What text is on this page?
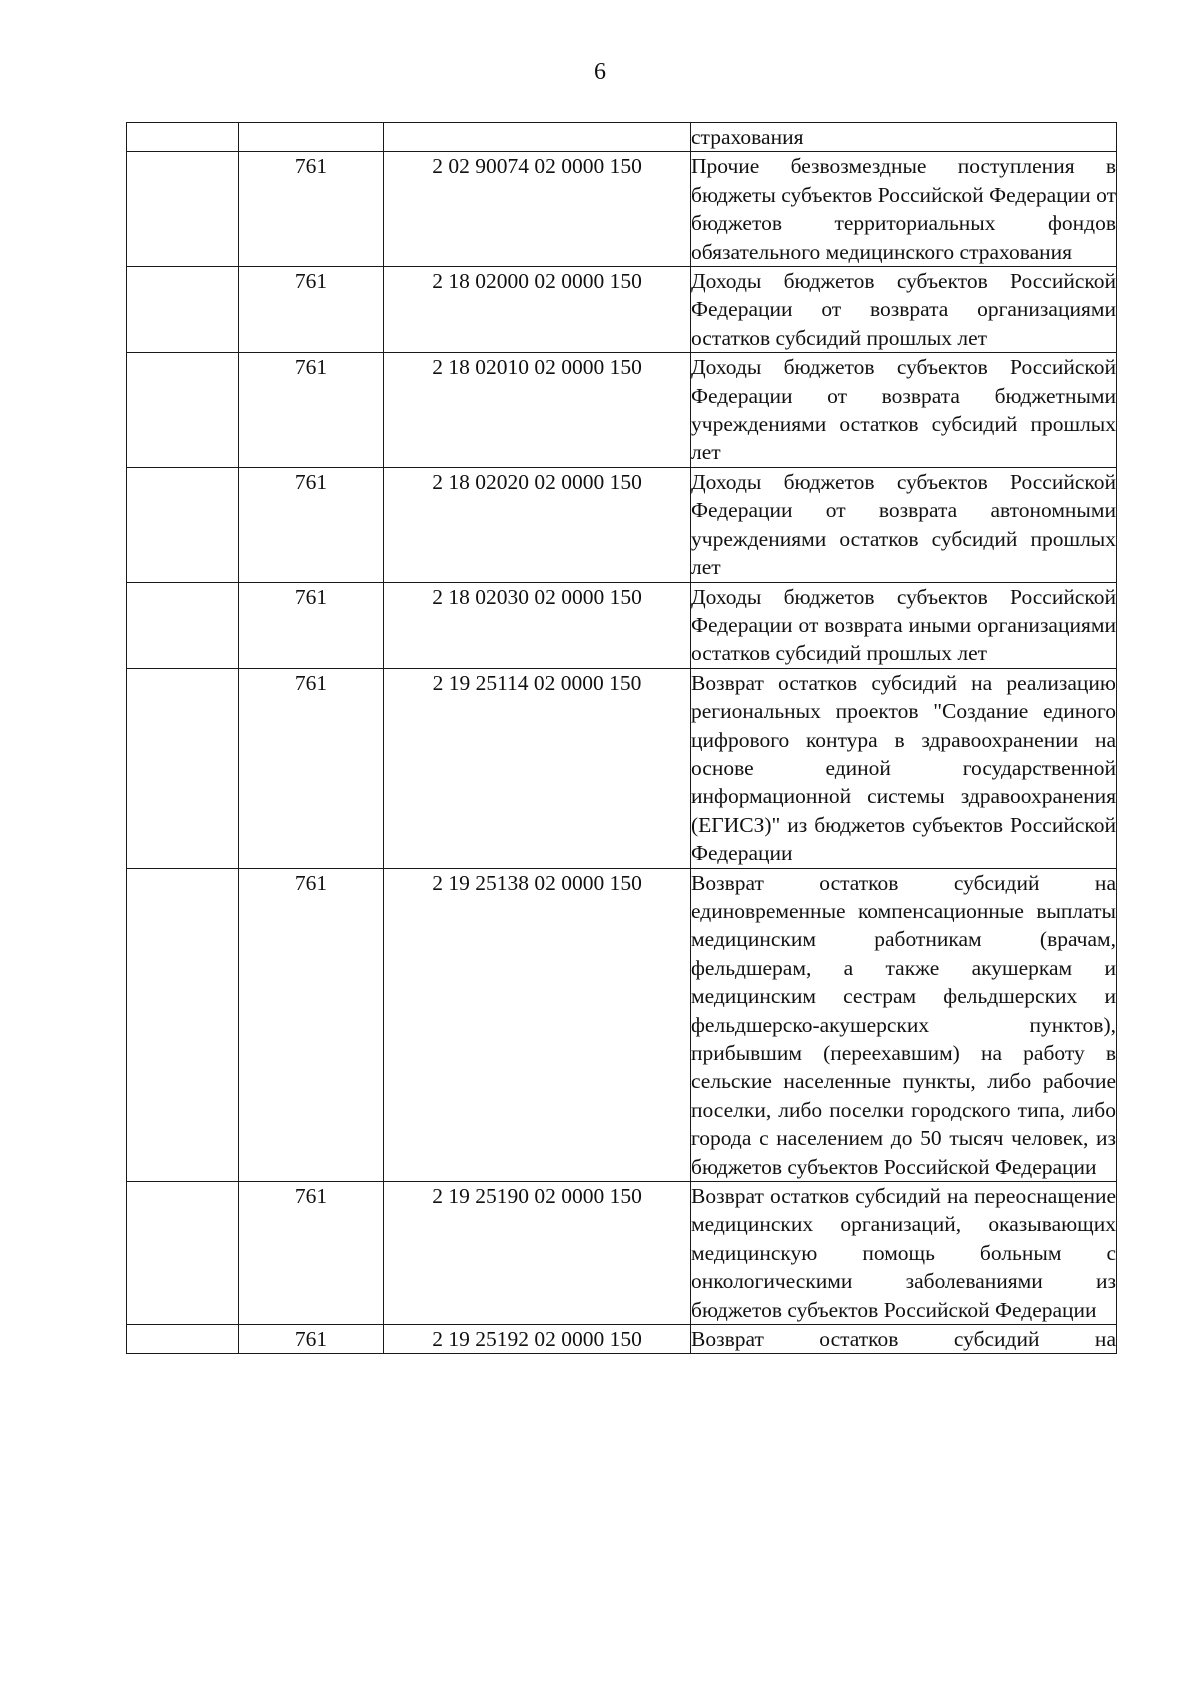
6
			страхования
	761	2 02 90074 02 0000 150	Прочие безвозмездные поступления в бюджеты субъектов Российской Федерации от бюджетов территориальных фондов обязательного медицинского страхования
	761	2 18 02000 02 0000 150	Доходы бюджетов субъектов Российской Федерации от возврата организациями остатков субсидий прошлых лет
	761	2 18 02010 02 0000 150	Доходы бюджетов субъектов Российской Федерации от возврата бюджетными учреждениями остатков субсидий прошлых лет
	761	2 18 02020 02 0000 150	Доходы бюджетов субъектов Российской Федерации от возврата автономными учреждениями остатков субсидий прошлых лет
	761	2 18 02030 02 0000 150	Доходы бюджетов субъектов Российской Федерации от возврата иными организациями остатков субсидий прошлых лет
	761	2 19 25114 02 0000 150	Возврат остатков субсидий на реализацию региональных проектов "Создание единого цифрового контура в здравоохранении на основе единой государственной информационной системы здравоохранения (ЕГИСЗ)" из бюджетов субъектов Российской Федерации
	761	2 19 25138 02 0000 150	Возврат остатков субсидий на единовременные компенсационные выплаты медицинским работникам (врачам, фельдшерам, а также акушеркам и медицинским сестрам фельдшерских и фельдшерско-акушерских пунктов), прибывшим (переехавшим) на работу в сельские населенные пункты, либо рабочие поселки, либо поселки городского типа, либо города с населением до 50 тысяч человек, из бюджетов субъектов Российской Федерации
	761	2 19 25190 02 0000 150	Возврат остатков субсидий на переоснащение медицинских организаций, оказывающих медицинскую помощь больным с онкологическими заболеваниями из бюджетов субъектов Российской Федерации
	761	2 19 25192 02 0000 150	Возврат остатков субсидий на
